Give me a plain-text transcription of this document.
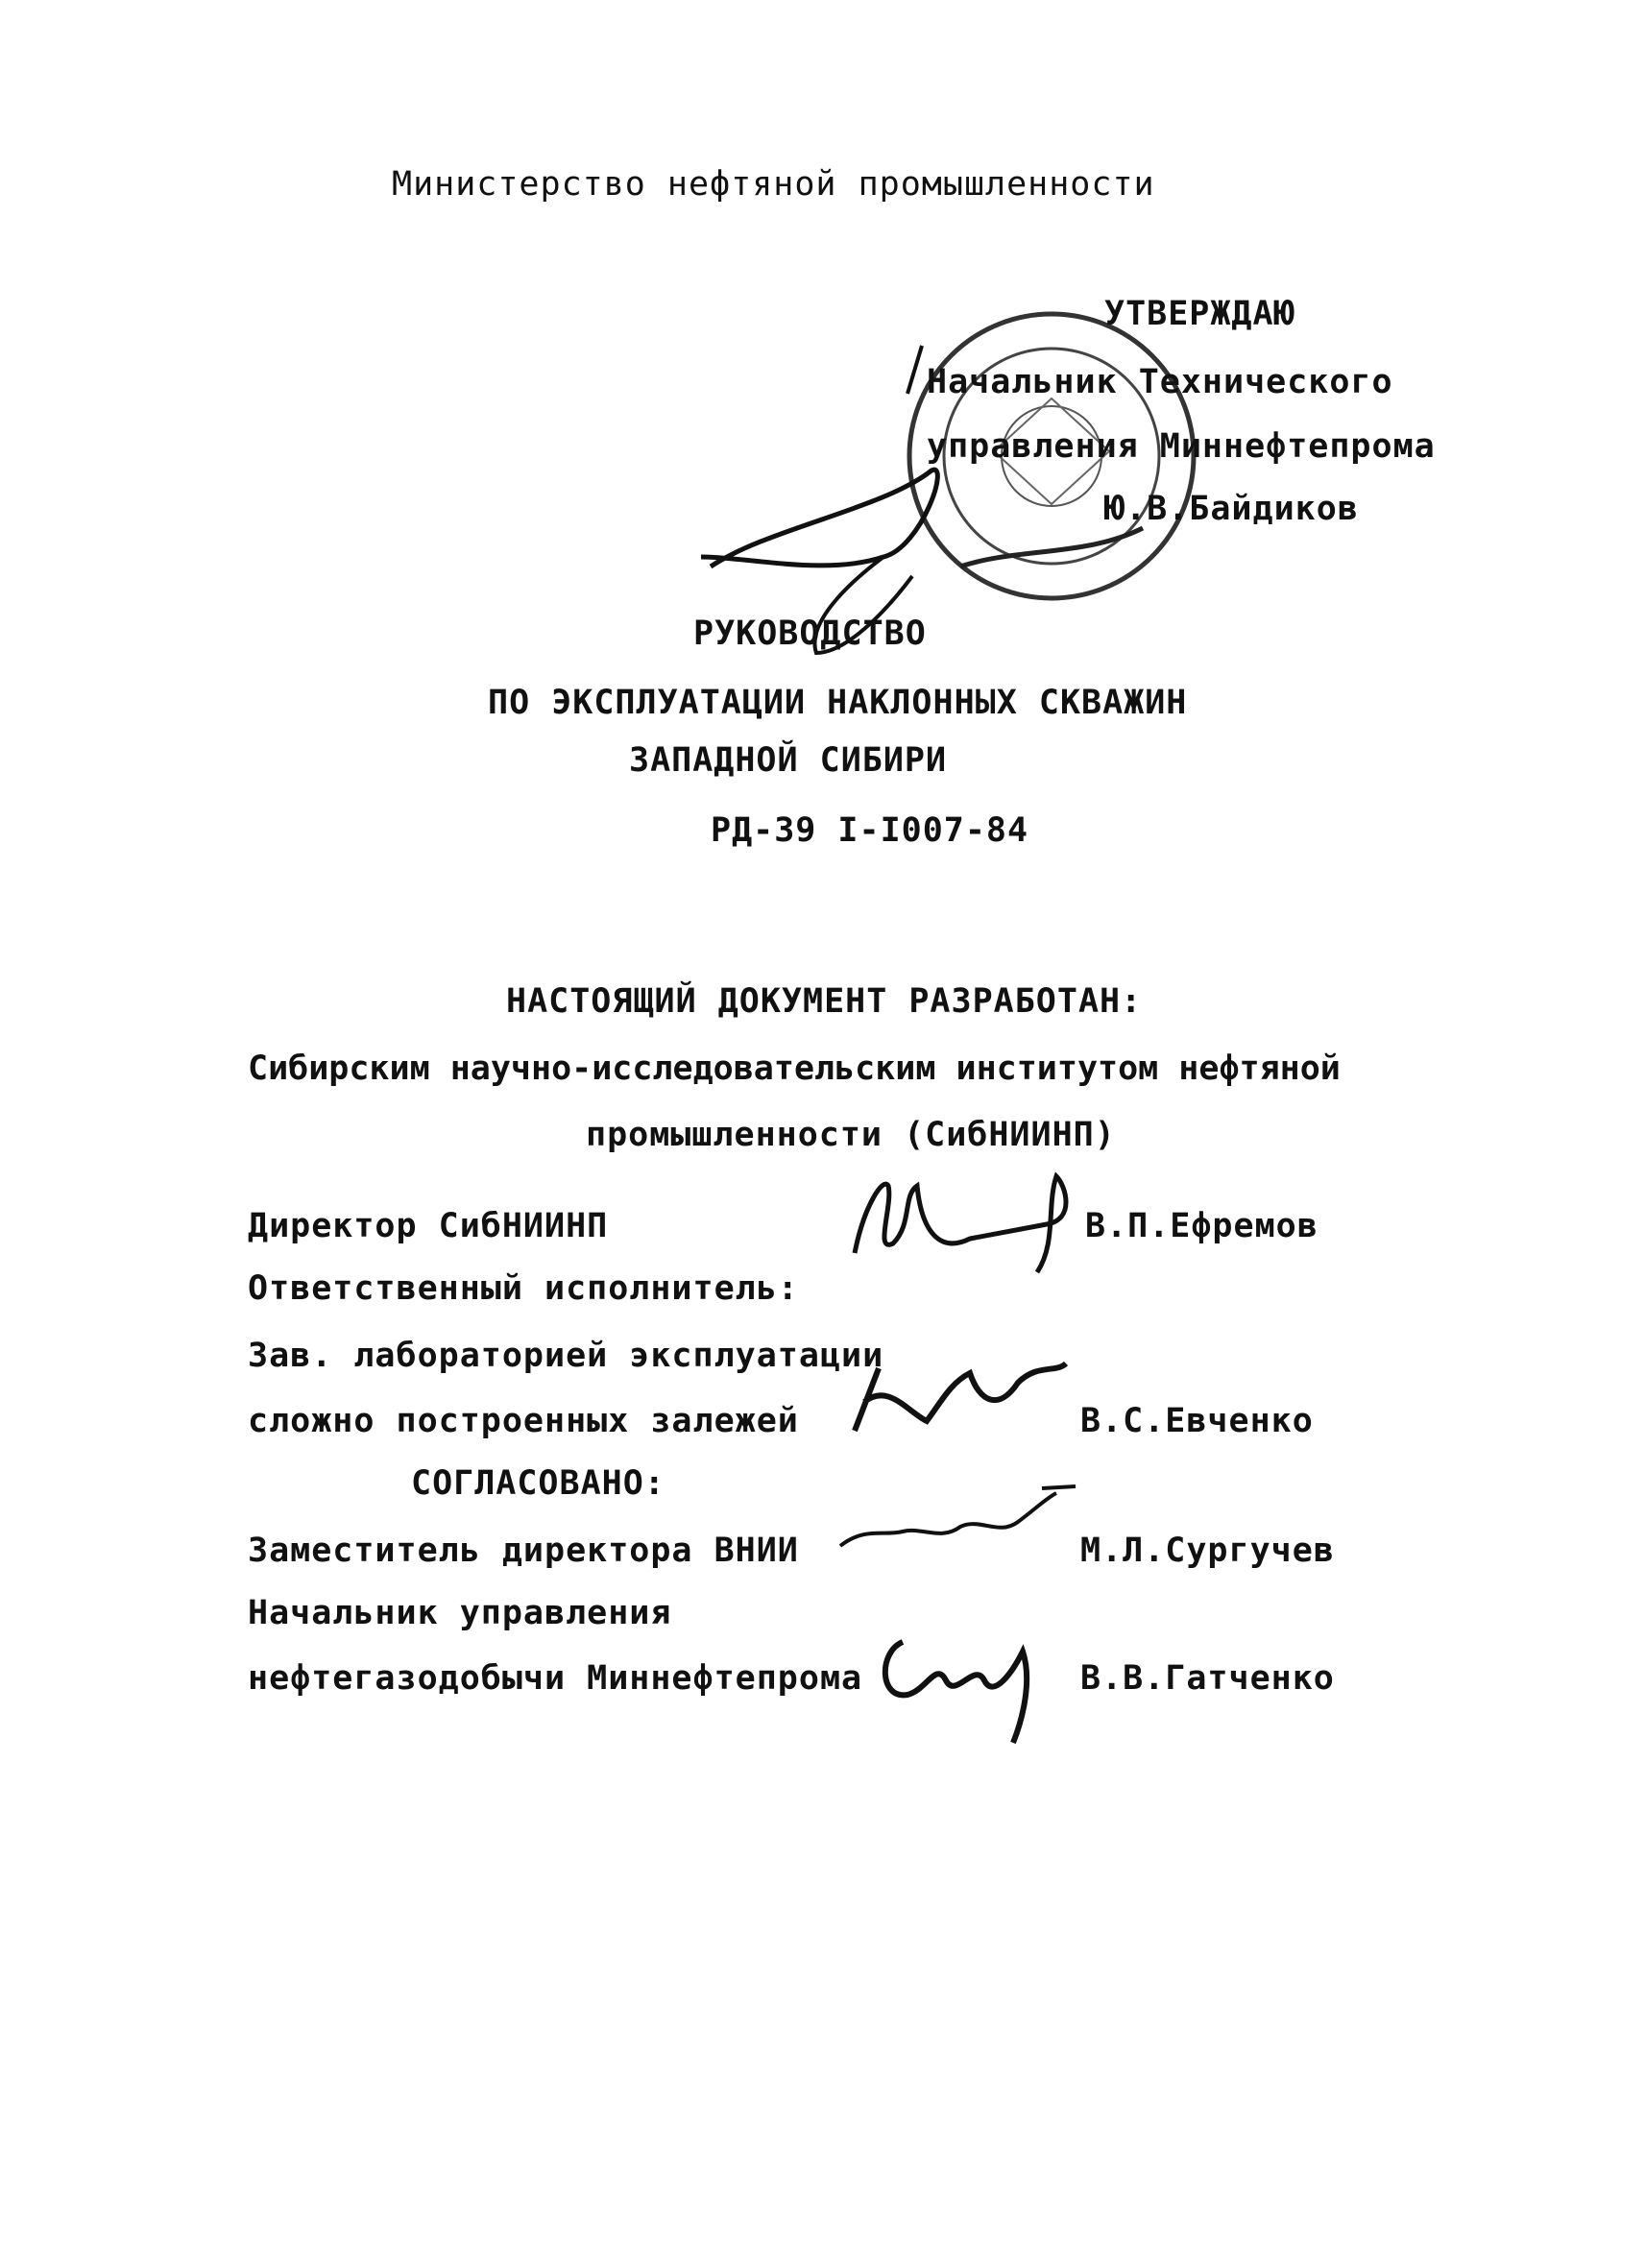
Министерство нефтяной промышленности
УТВЕРЖДАЮ
Начальник Технического
управления Миннефтепрома
Ю.В.Байдиков
РУКОВОДСТВО
ПО ЭКСПЛУАТАЦИИ НАКЛОННЫХ СКВАЖИН
ЗАПАДНОЙ СИБИРИ
РД-39 I-I007-84
НАСТОЯЩИЙ ДОКУМЕНТ РАЗРАБОТАН:
Сибирским научно-исследовательским институтом нефтяной
промышленности (СибНИИНП)
Директор СибНИИНП	В.П.Ефремов
Ответственный исполнитель:
Зав. лабораторией эксплуатации
сложно построенных залежей	В.С.Евченко
СОГЛАСОВАНО:
Заместитель директора ВНИИ	М.Л.Сургучев
Начальник управления
нефтегазодобычи Миннефтепрома	В.В.Гатченко
